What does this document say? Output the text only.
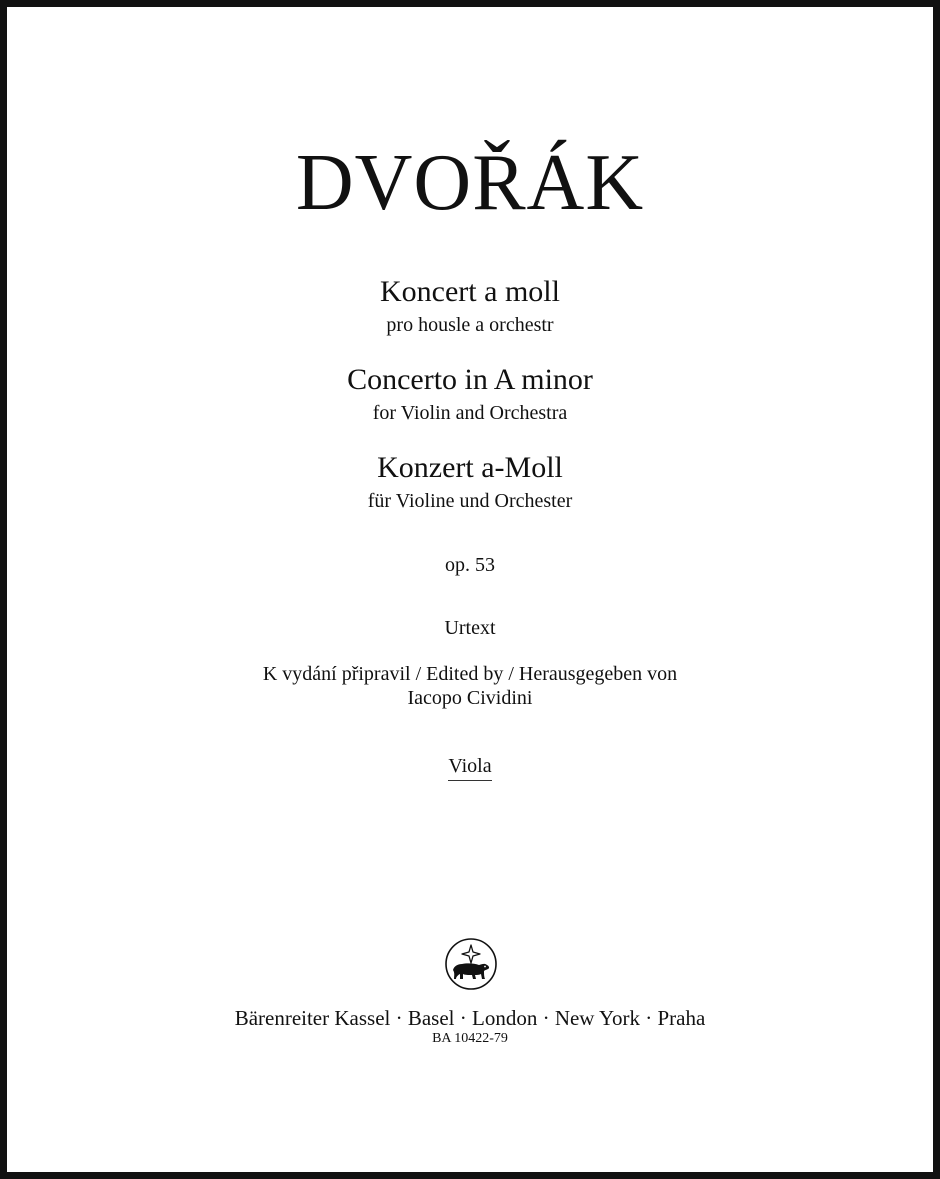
DVOŘÁK
Koncert a moll
pro housle a orchestr
Concerto in A minor
for Violin and Orchestra
Konzert a-Moll
für Violine und Orchester
op. 53
Urtext
K vydání připravil / Edited by / Herausgegeben von
Iacopo Cividini
Viola
Bärenreiter Kassel · Basel · London · New York · Praha
BA 10422-79
